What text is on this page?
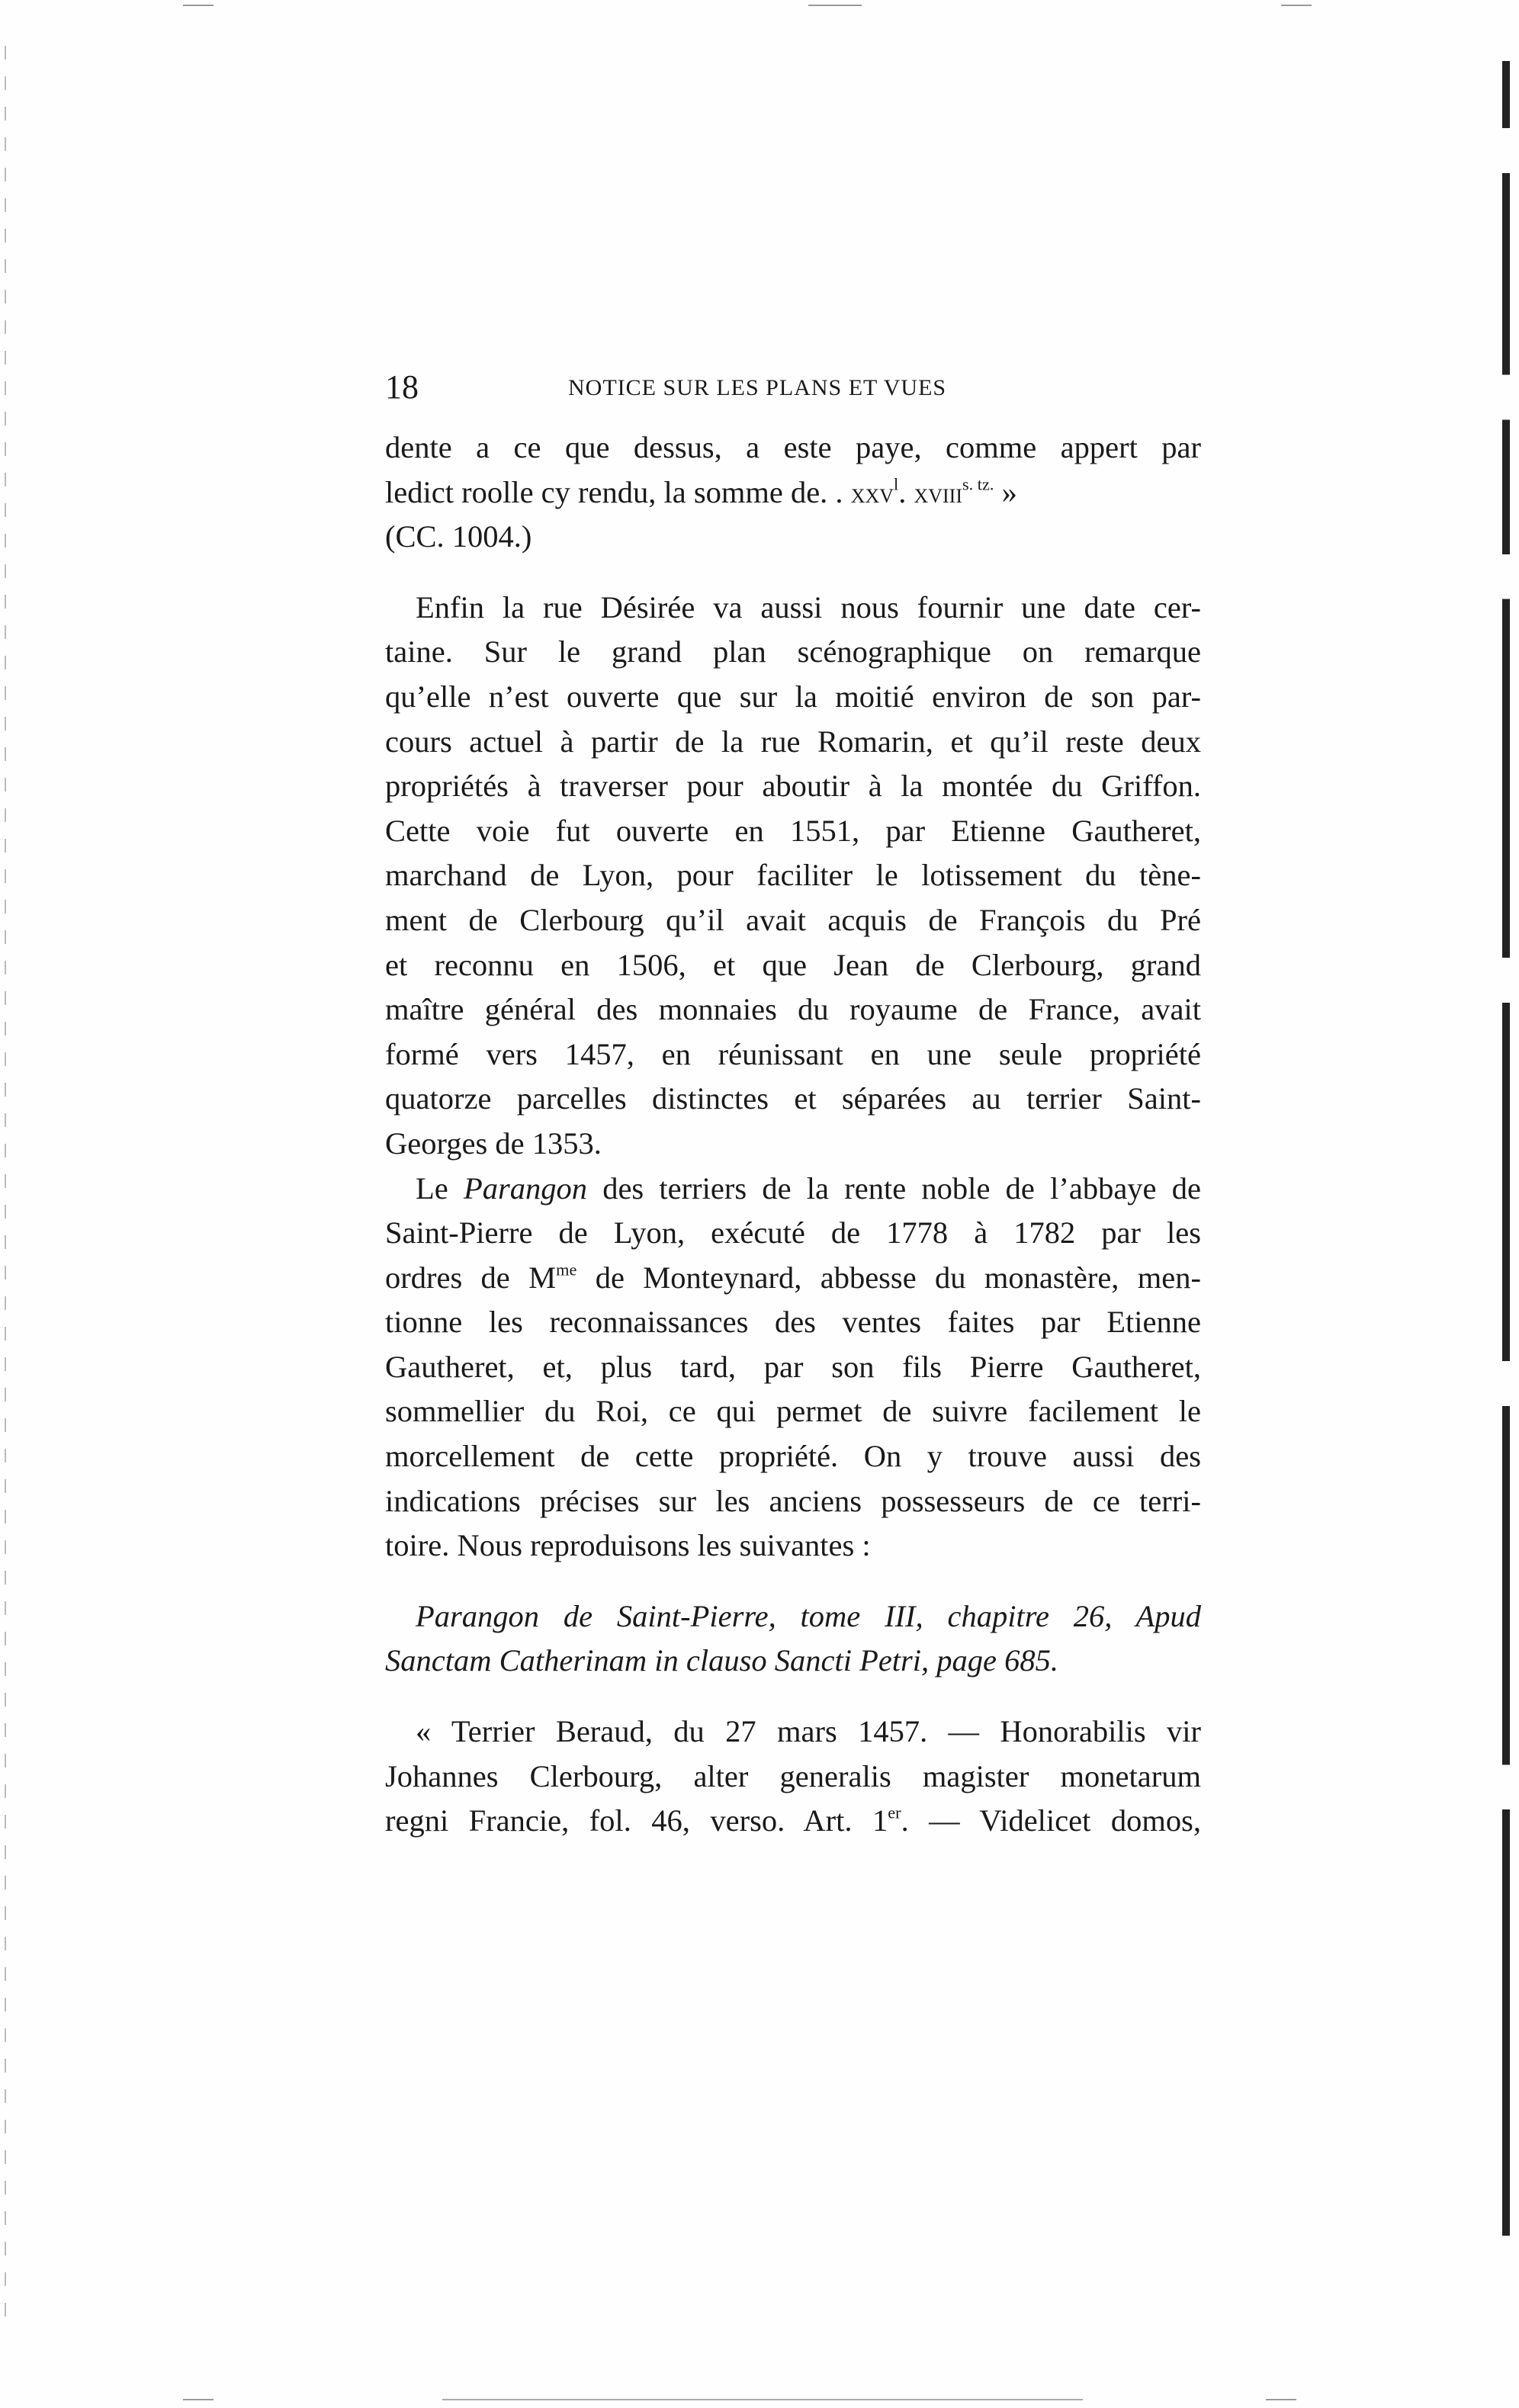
18	NOTICE SUR LES PLANS ET VUES
dente a ce que dessus, a este paye, comme appert par
ledict roolle cy rendu, la somme de. . xxv$^l$. xviii$^{s. tz.}$ »
(CC. 1004.)
Enfin la rue Désirée va aussi nous fournir une date cer-
taine. Sur le grand plan scénographique on remarque
qu’elle n’est ouverte que sur la moitié environ de son par-
cours actuel à partir de la rue Romarin, et qu’il reste deux
propriétés à traverser pour aboutir à la montée du Griffon.
Cette voie fut ouverte en 1551, par Etienne Gautheret,
marchand de Lyon, pour faciliter le lotissement du tène-
ment de Clerbourg qu’il avait acquis de François du Pré
et reconnu en 1506, et que Jean de Clerbourg, grand
maître général des monnaies du royaume de France, avait
formé vers 1457, en réunissant en une seule propriété
quatorze parcelles distinctes et séparées au terrier Saint-
Georges de 1353.
Le Parangon des terriers de la rente noble de l’abbaye de
Saint-Pierre de Lyon, exécuté de 1778 à 1782 par les
ordres de $M^{me}$ de Monteynard, abbesse du monastère, men-
tionne les reconnaissances des ventes faites par Etienne
Gautheret, et, plus tard, par son fils Pierre Gautheret,
sommellier du Roi, ce qui permet de suivre facilement le
morcellement de cette propriété. On y trouve aussi des
indications précises sur les anciens possesseurs de ce terri-
toire. Nous reproduisons les suivantes :
Parangon de Saint-Pierre, tome III, chapitre 26, Apud
Sanctam Catherinam in clauso Sancti Petri, page 685.
« Terrier Beraud, du 27 mars 1457. — Honorabilis vir
Johannes Clerbourg, alter generalis magister monetarum
regni Francie, fol. 46, verso. Art. 1er. — Videlicet domos,
